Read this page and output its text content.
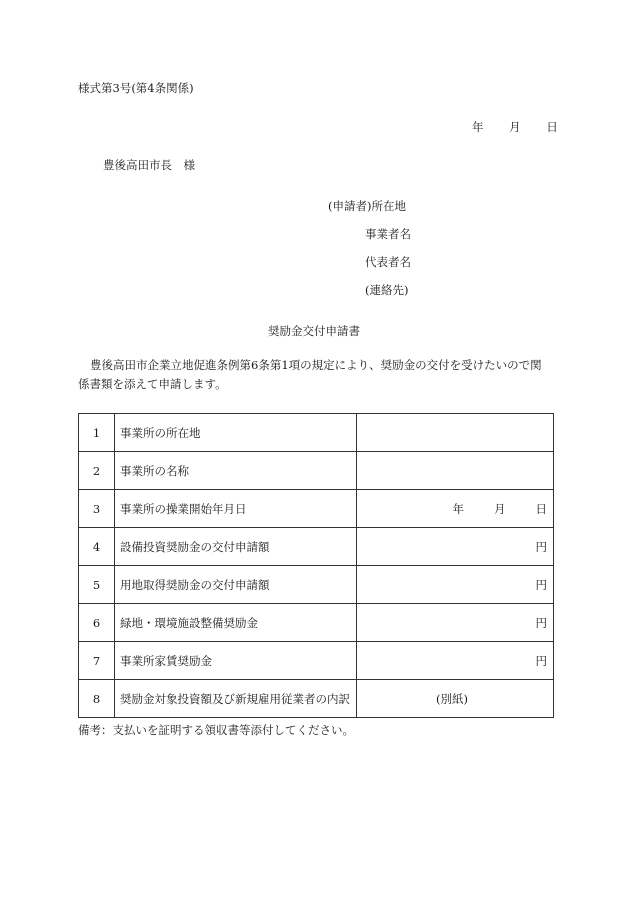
様式第3号(第4条関係)
年 月 日
豊後高田市長　様
(申請者)所在地
事業者名
代表者名
(連絡先)
奨励金交付申請書
豊後高田市企業立地促進条例第6条第1項の規定により、奨励金の交付を受けたいので関係書類を添えて申請します。
1	事業所の所在地	
2	事業所の名称	
3	事業所の操業開始年月日	年 月 日
4	設備投資奨励金の交付申請額	円
5	用地取得奨励金の交付申請額	円
6	緑地・環境施設整備奨励金	円
7	事業所家賃奨励金	円
8	奨励金対象投資額及び新規雇用従業者の内訳	(別紙)
備考：支払いを証明する領収書等添付してください。
